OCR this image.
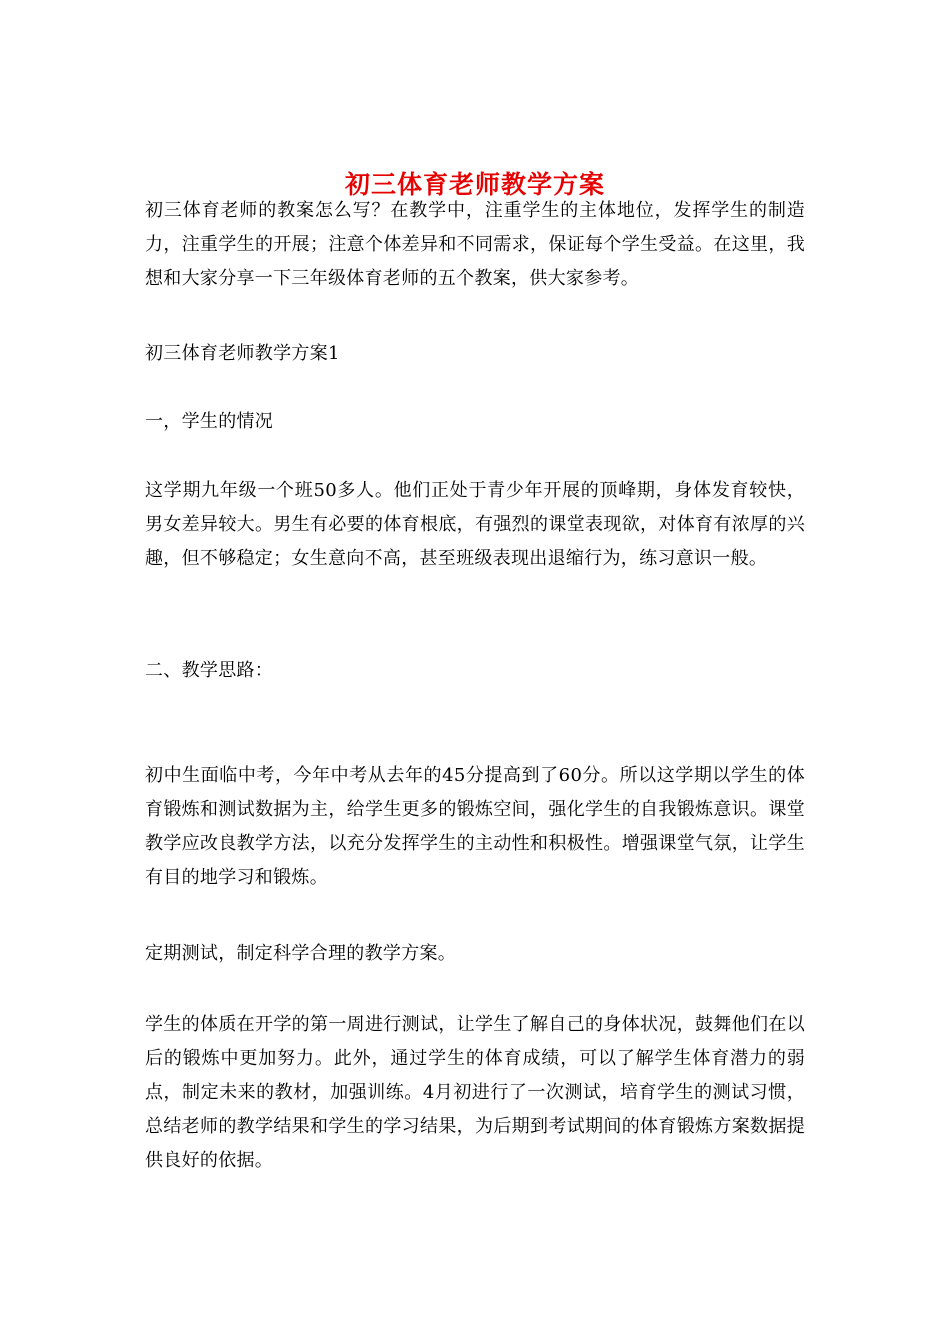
初三体育老师教学方案

初三体育老师的教案怎么写？在教学中，注重学生的主体地位，发挥学生的制造力，注重学生的开展；注意个体差异和不同需求，保证每个学生受益。在这里，我想和大家分享一下三年级体育老师的五个教案，供大家参考。

初三体育老师教学方案1

一，学生的情况

这学期九年级一个班50多人。他们正处于青少年开展的顶峰期，身体发育较快，男女差异较大。男生有必要的体育根底，有强烈的课堂表现欲，对体育有浓厚的兴趣，但不够稳定；女生意向不高，甚至班级表现出退缩行为，练习意识一般。

二、教学思路：

初中生面临中考，今年中考从去年的45分提高到了60分。所以这学期以学生的体育锻炼和测试数据为主，给学生更多的锻炼空间，强化学生的自我锻炼意识。课堂教学应改良教学方法，以充分发挥学生的主动性和积极性。增强课堂气氛，让学生有目的地学习和锻炼。

定期测试，制定科学合理的教学方案。

学生的体质在开学的第一周进行测试，让学生了解自己的身体状况，鼓舞他们在以后的锻炼中更加努力。此外，通过学生的体育成绩，可以了解学生体育潜力的弱点，制定未来的教材，加强训练。4月初进行了一次测试，培育学生的测试习惯，总结老师的教学结果和学生的学习结果，为后期到考试期间的体育锻炼方案数据提供良好的依据。
